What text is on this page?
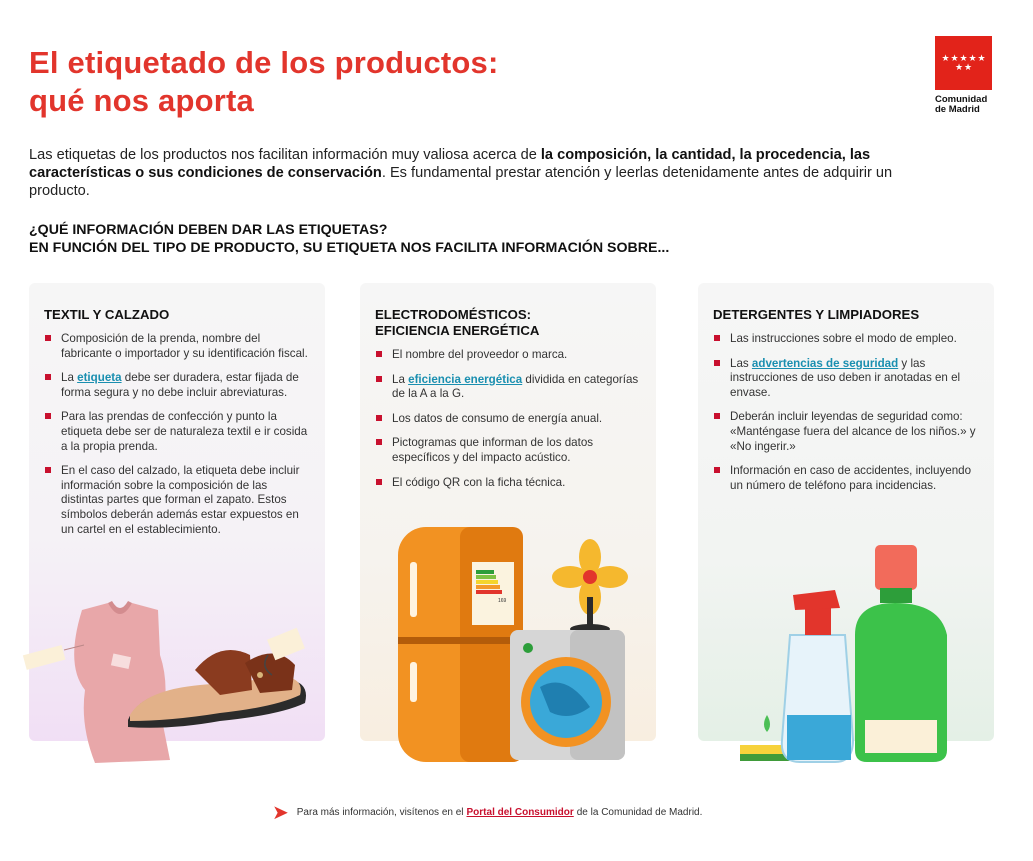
El etiquetado de los productos:
qué nos aporta
★ ★ ★ ★ ★
★ ★
Comunidad
de Madrid

Las etiquetas de los productos nos facilitan información muy valiosa acerca de la composición, la cantidad, la procedencia, las características o sus condiciones de conservación. Es fundamental prestar atención y leerlas detenidamente antes de adquirir un producto.

¿QUÉ INFORMACIÓN DEBEN DAR LAS ETIQUETAS?
EN FUNCIÓN DEL TIPO DE PRODUCTO, SU ETIQUETA NOS FACILITA INFORMACIÓN SOBRE...
TEXTIL Y CALZADO
Composición de la prenda, nombre del fabricante o importador y su identificación fiscal.
La etiqueta debe ser duradera, estar fijada de forma segura y no debe incluir abreviaturas.
Para las prendas de confección y punto la etiqueta debe ser de naturaleza textil e ir cosida a la propia prenda.
En el caso del calzado, la etiqueta debe incluir información sobre la composición de las distintas partes que forman el zapato. Estos símbolos deberán además estar expuestos en un cartel en el establecimiento.
ELECTRODOMÉSTICOS:
EFICIENCIA ENERGÉTICA
El nombre del proveedor o marca.
La eficiencia energética dividida en categorías de la A a la G.
Los datos de consumo de energía anual.
Pictogramas que informan de los datos específicos y del impacto acústico.
El código QR con la ficha técnica.
DETERGENTES Y LIMPIADORES
Las instrucciones sobre el modo de empleo.
Las advertencias de seguridad y las instrucciones de uso deben ir anotadas en el envase.
Deberán incluir leyendas de seguridad como: «Manténgase fuera del alcance de los niños.» y «No ingerir.»
Información en caso de accidentes, incluyendo un número de teléfono para incidencias.
169
➤ Para más información, visítenos en el Portal del Consumidor de la Comunidad de Madrid.
